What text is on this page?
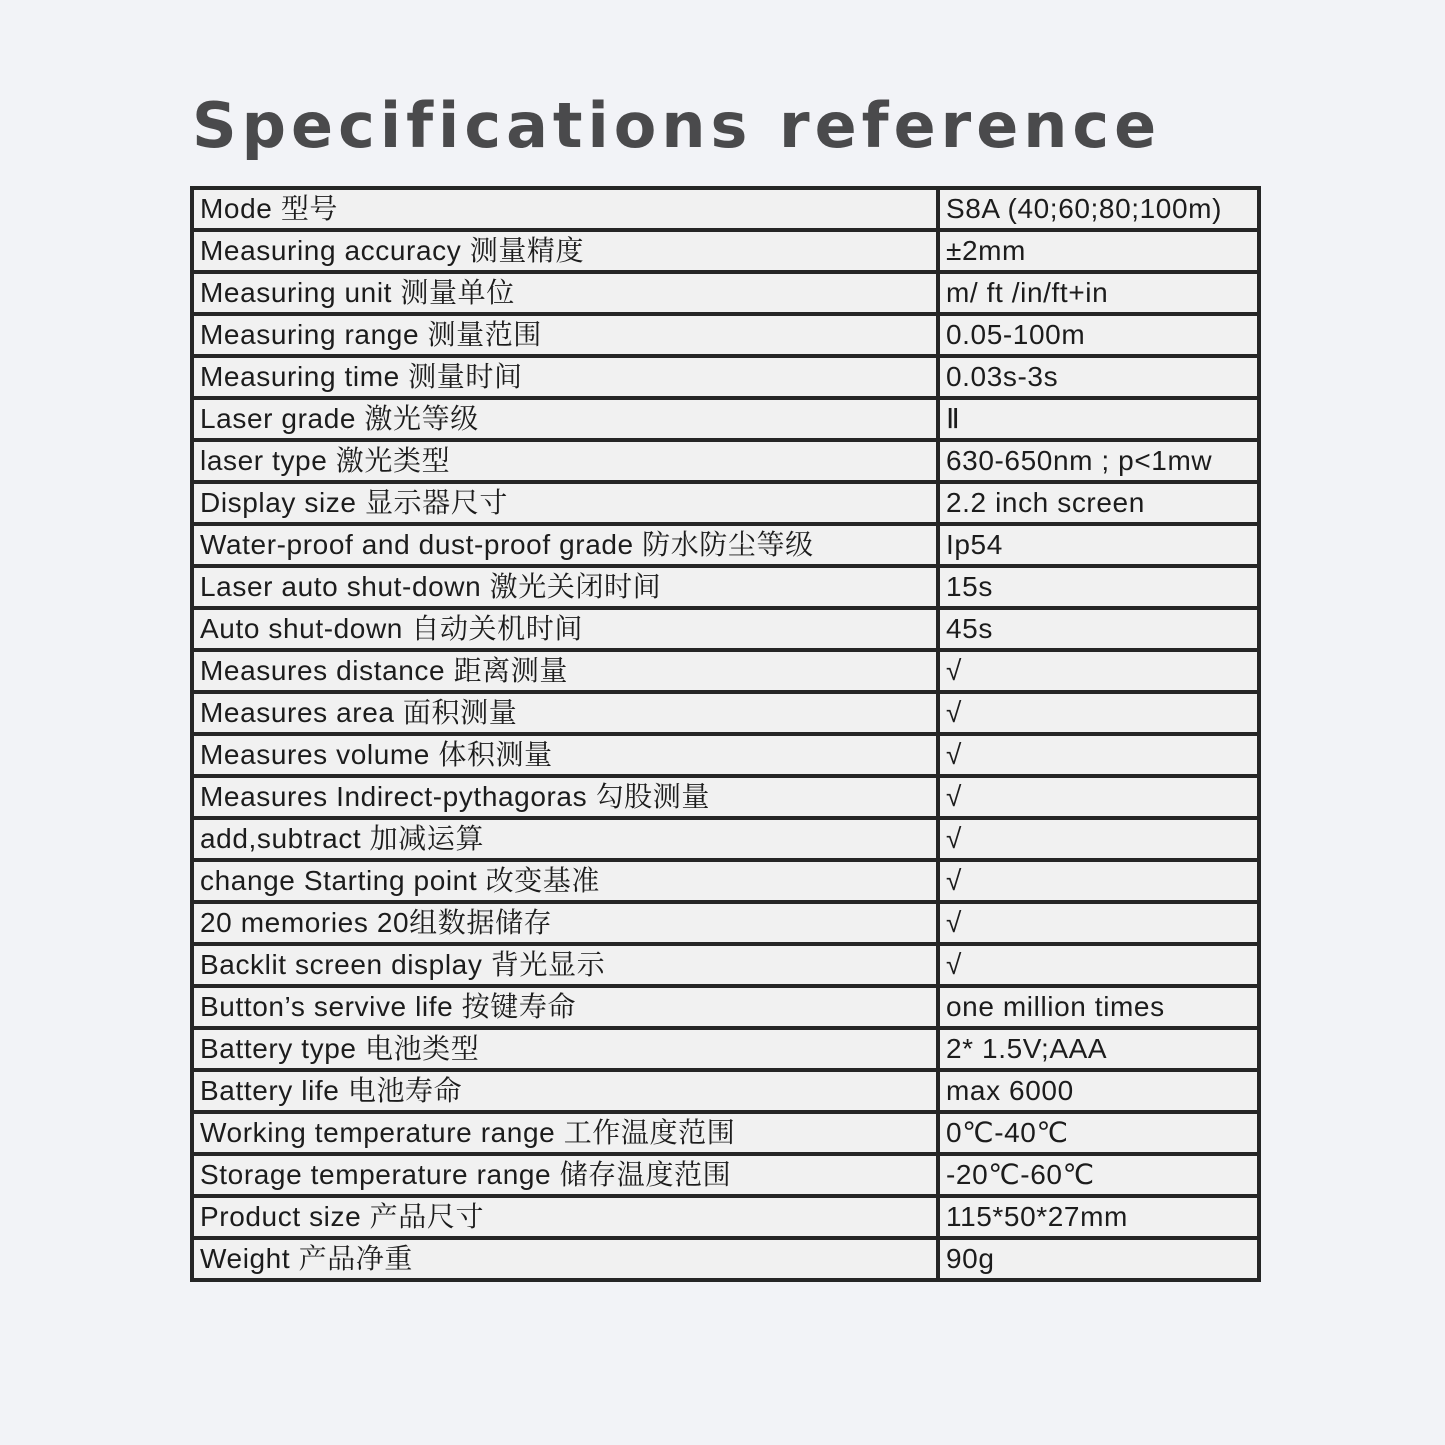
Specifications reference
Mode 型号	S8A (40;60;80;100m)
Measuring accuracy 测量精度	±2mm
Measuring unit 测量单位	m/ ft /in/ft+in
Measuring range 测量范围	0.05-100m
Measuring time 测量时间	0.03s-3s
Laser grade 激光等级	Ⅱ
laser type 激光类型	630-650nm ; p<1mw
Display size 显示器尺寸	2.2 inch screen
Water-proof and dust-proof grade 防水防尘等级	Ip54
Laser auto shut-down 激光关闭时间	15s
Auto shut-down 自动关机时间	45s
Measures distance 距离测量	√
Measures area 面积测量	√
Measures volume 体积测量	√
Measures Indirect-pythagoras 勾股测量	√
add,subtract 加减运算	√
change Starting point 改变基准	√
20 memories 20组数据储存	√
Backlit screen display 背光显示	√
Button’s servive life 按键寿命	one million times
Battery type 电池类型	2* 1.5V;AAA
Battery life 电池寿命	max 6000
Working temperature range 工作温度范围	0℃-40℃
Storage temperature range 储存温度范围	-20℃-60℃
Product size 产品尺寸	115*50*27mm
Weight 产品净重	90g
